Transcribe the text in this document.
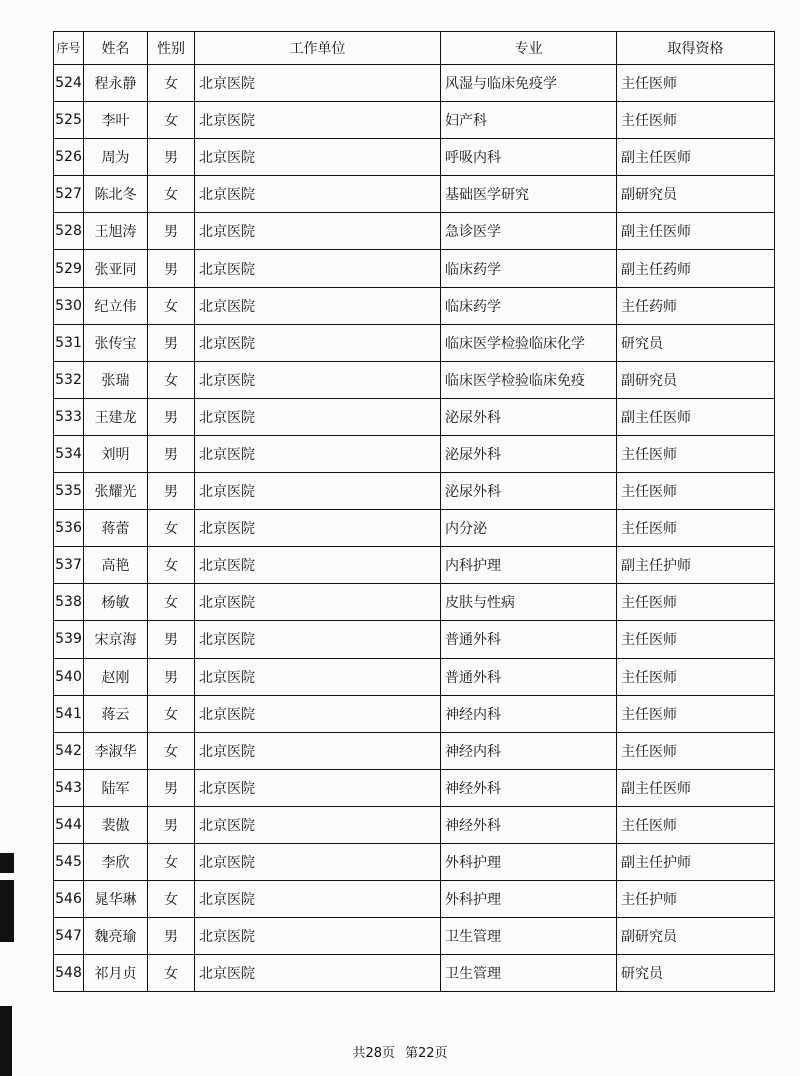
序号	姓名	性别	工作单位	专业	取得资格
524	程永静	女	北京医院	风湿与临床免疫学	主任医师
525	李叶	女	北京医院	妇产科	主任医师
526	周为	男	北京医院	呼吸内科	副主任医师
527	陈北冬	女	北京医院	基础医学研究	副研究员
528	王旭涛	男	北京医院	急诊医学	副主任医师
529	张亚同	男	北京医院	临床药学	副主任药师
530	纪立伟	女	北京医院	临床药学	主任药师
531	张传宝	男	北京医院	临床医学检验临床化学	研究员
532	张瑞	女	北京医院	临床医学检验临床免疫	副研究员
533	王建龙	男	北京医院	泌尿外科	副主任医师
534	刘明	男	北京医院	泌尿外科	主任医师
535	张耀光	男	北京医院	泌尿外科	主任医师
536	蒋蕾	女	北京医院	内分泌	主任医师
537	高艳	女	北京医院	内科护理	副主任护师
538	杨敏	女	北京医院	皮肤与性病	主任医师
539	宋京海	男	北京医院	普通外科	主任医师
540	赵刚	男	北京医院	普通外科	主任医师
541	蒋云	女	北京医院	神经内科	主任医师
542	李淑华	女	北京医院	神经内科	主任医师
543	陆军	男	北京医院	神经外科	副主任医师
544	裴傲	男	北京医院	神经外科	主任医师
545	李欣	女	北京医院	外科护理	副主任护师
546	晁华琳	女	北京医院	外科护理	主任护师
547	魏亮瑜	男	北京医院	卫生管理	副研究员
548	祁月贞	女	北京医院	卫生管理	研究员
共28页 第22页
